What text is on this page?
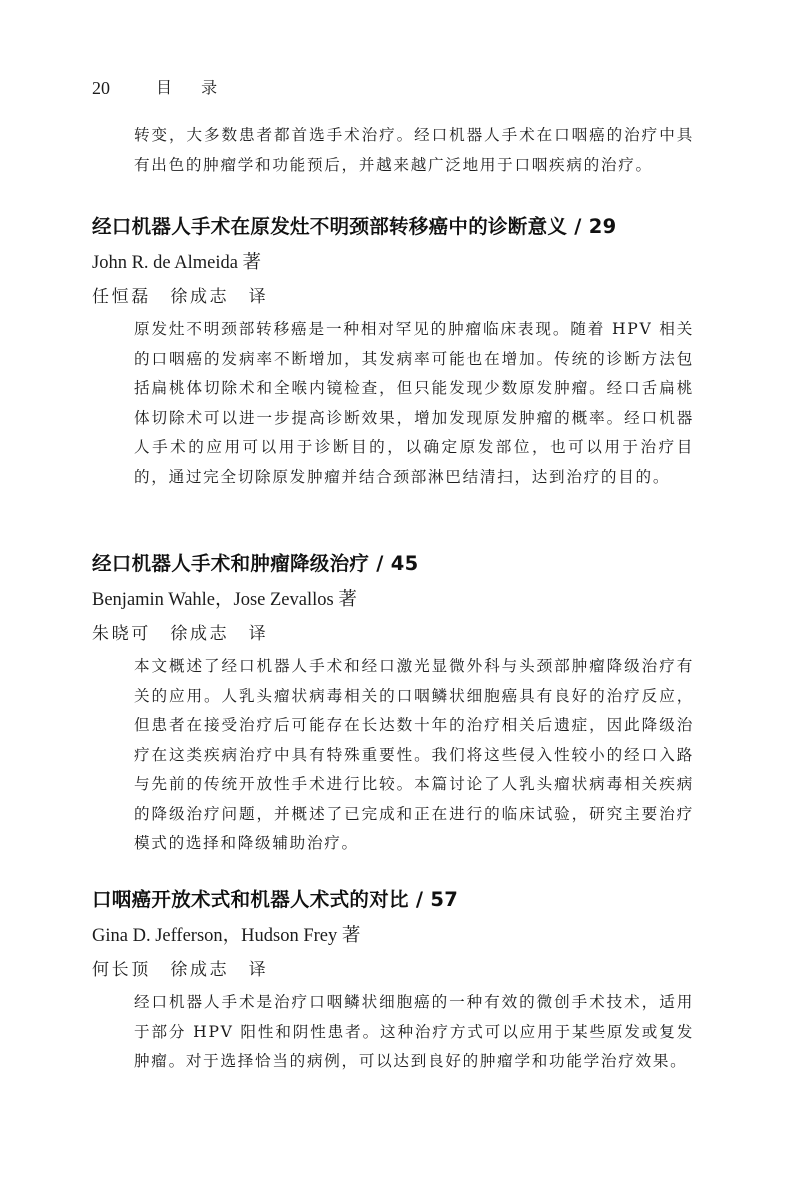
20	目 录

转变，大多数患者都首选手术治疗。经口机器人手术在口咽癌的治疗中具有出色的肿瘤学和功能预后，并越来越广泛地用于口咽疾病的治疗。

经口机器人手术在原发灶不明颈部转移癌中的诊断意义 / 29
John R. de Almeida 著
任恒磊　徐成志　译

原发灶不明颈部转移癌是一种相对罕见的肿瘤临床表现。随着 HPV 相关的口咽癌的发病率不断增加，其发病率可能也在增加。传统的诊断方法包括扁桃体切除术和全喉内镜检查，但只能发现少数原发肿瘤。经口舌扁桃体切除术可以进一步提高诊断效果，增加发现原发肿瘤的概率。经口机器人手术的应用可以用于诊断目的，以确定原发部位，也可以用于治疗目的，通过完全切除原发肿瘤并结合颈部淋巴结清扫，达到治疗的目的。

经口机器人手术和肿瘤降级治疗 / 45
Benjamin Wahle，Jose Zevallos 著
朱晓可　徐成志　译

本文概述了经口机器人手术和经口激光显微外科与头颈部肿瘤降级治疗有关的应用。人乳头瘤状病毒相关的口咽鳞状细胞癌具有良好的治疗反应，但患者在接受治疗后可能存在长达数十年的治疗相关后遗症，因此降级治疗在这类疾病治疗中具有特殊重要性。我们将这些侵入性较小的经口入路与先前的传统开放性手术进行比较。本篇讨论了人乳头瘤状病毒相关疾病的降级治疗问题，并概述了已完成和正在进行的临床试验，研究主要治疗模式的选择和降级辅助治疗。

口咽癌开放术式和机器人术式的对比 / 57
Gina D. Jefferson，Hudson Frey 著
何长顶　徐成志　译

经口机器人手术是治疗口咽鳞状细胞癌的一种有效的微创手术技术，适用于部分 HPV 阳性和阴性患者。这种治疗方式可以应用于某些原发或复发肿瘤。对于选择恰当的病例，可以达到良好的肿瘤学和功能学治疗效果。
